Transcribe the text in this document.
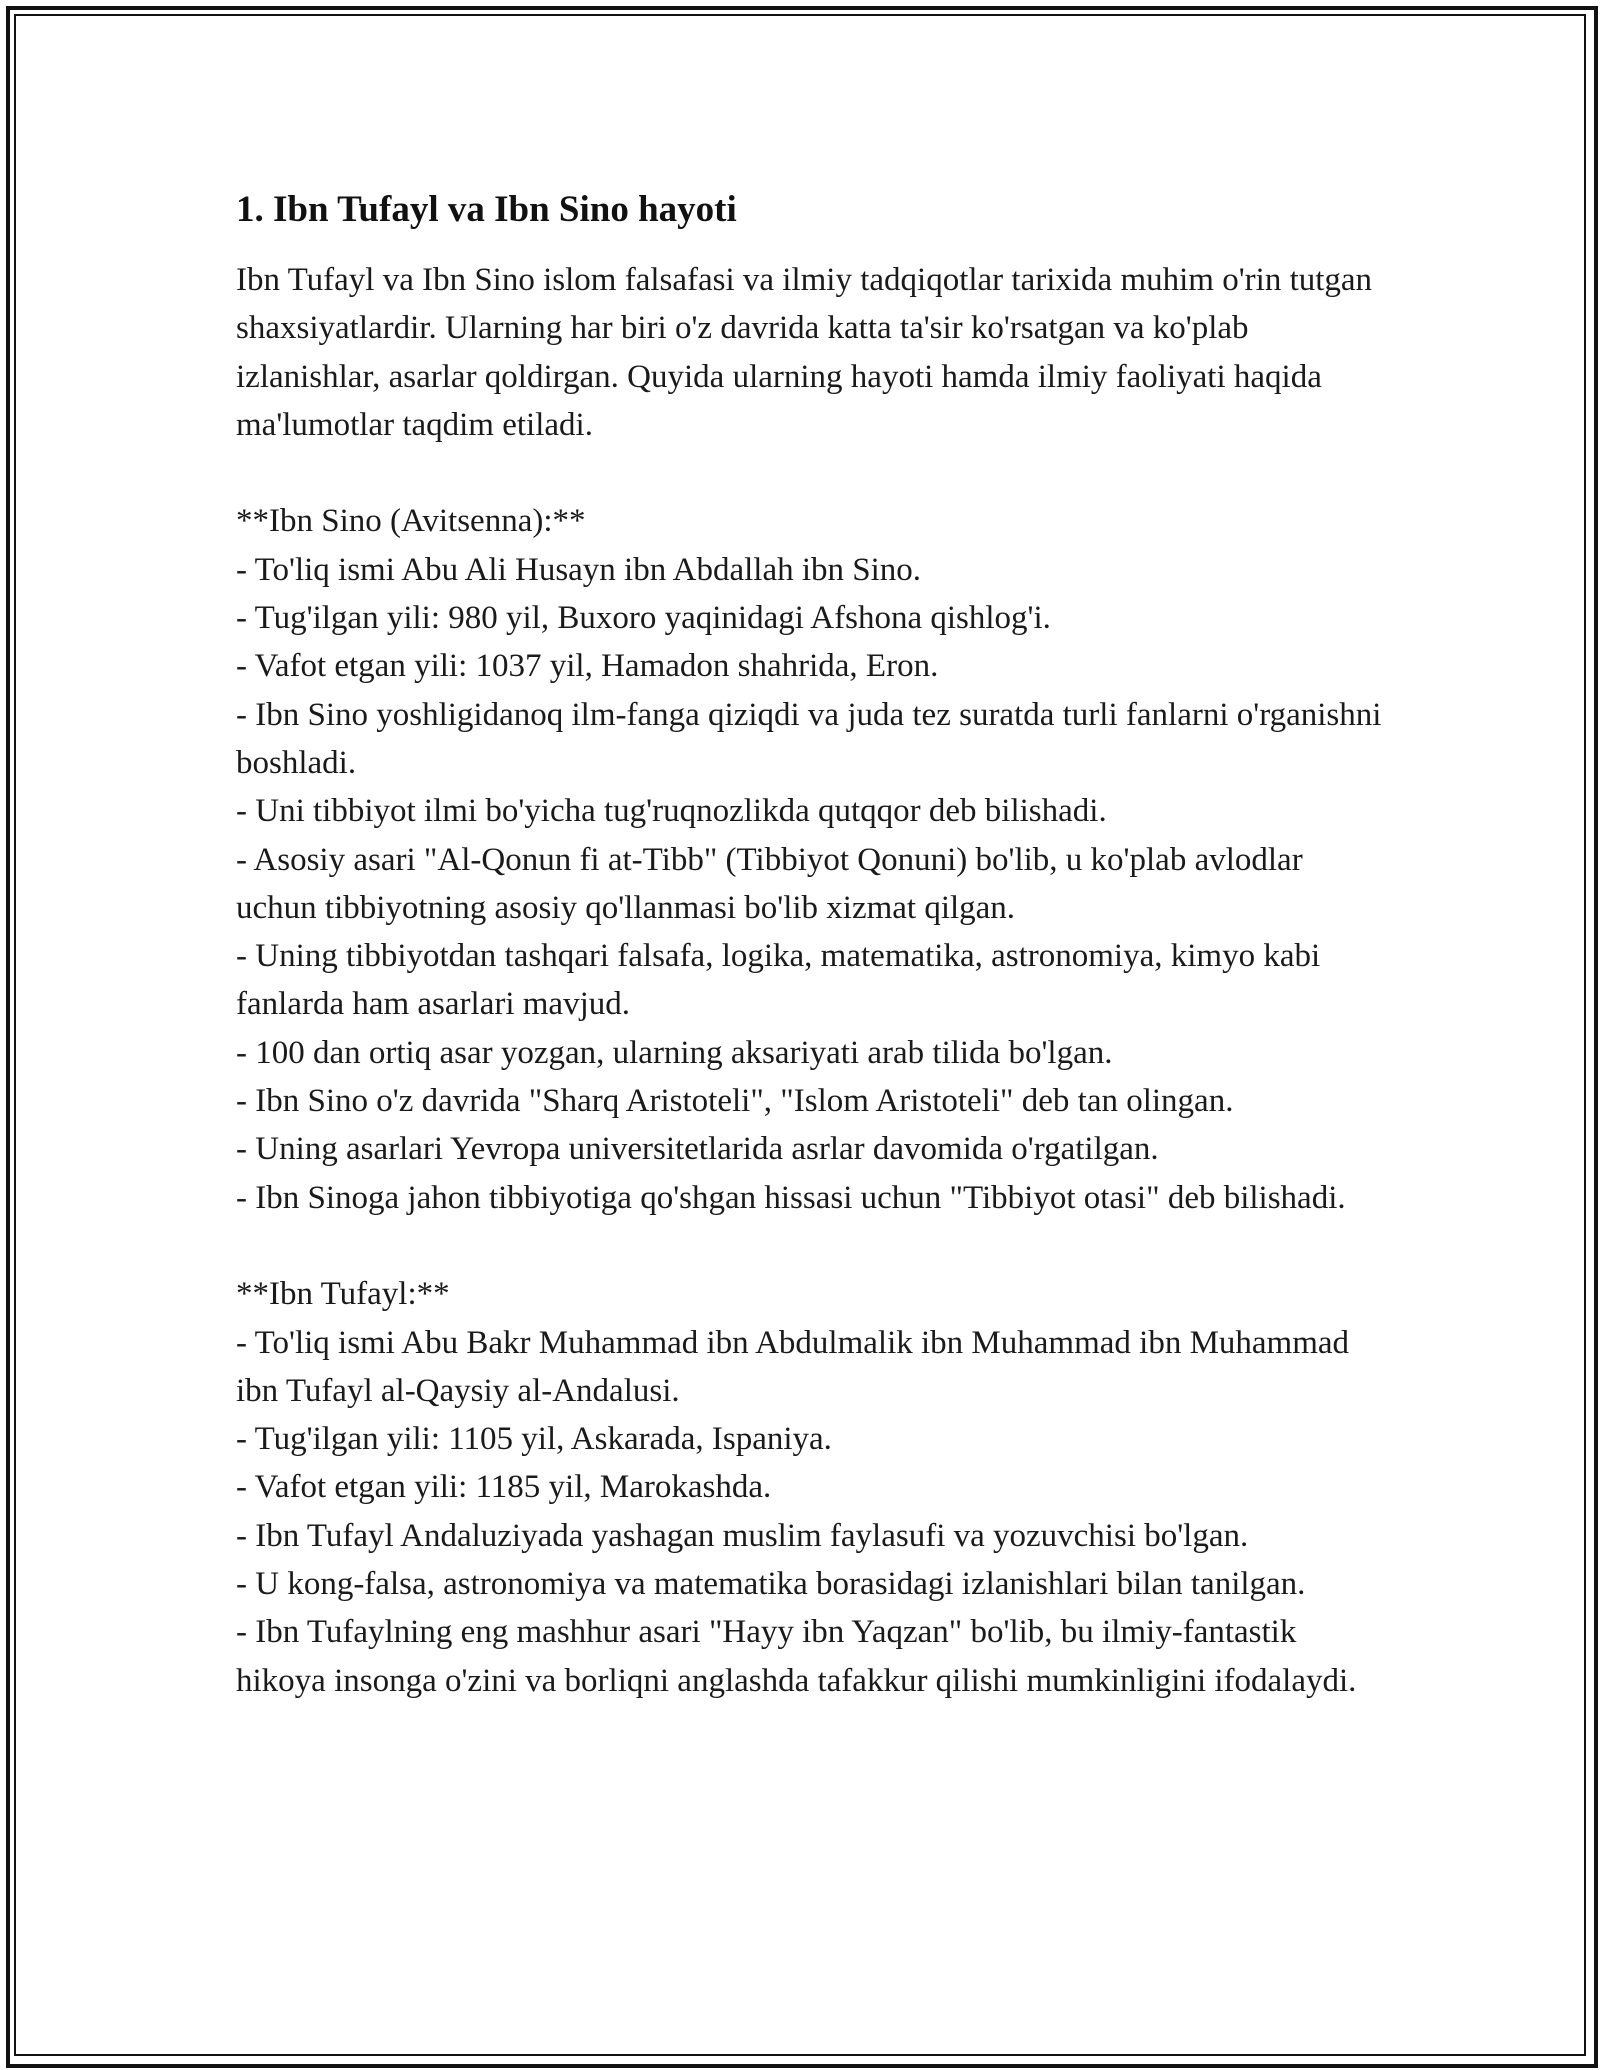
1. Ibn Tufayl va Ibn Sino hayoti

Ibn Tufayl va Ibn Sino islom falsafasi va ilmiy tadqiqotlar tarixida muhim o'rin tutgan shaxsiyatlardir. Ularning har biri o'z davrida katta ta'sir ko'rsatgan va ko'plab izlanishlar, asarlar qoldirgan. Quyida ularning hayoti hamda ilmiy faoliyati haqida ma'lumotlar taqdim etiladi.

**Ibn Sino (Avitsenna):**

- To'liq ismi Abu Ali Husayn ibn Abdallah ibn Sino.
- Tug'ilgan yili: 980 yil, Buxoro yaqinidagi Afshona qishlog'i.
- Vafot etgan yili: 1037 yil, Hamadon shahrida, Eron.
- Ibn Sino yoshligidanoq ilm-fanga qiziqdi va juda tez suratda turli fanlarni o'rganishni boshladi.
- Uni tibbiyot ilmi bo'yicha tug'ruqnozlikda qutqqor deb bilishadi.
- Asosiy asari "Al-Qonun fi at-Tibb" (Tibbiyot Qonuni) bo'lib, u ko'plab avlodlar uchun tibbiyotning asosiy qo'llanmasi bo'lib xizmat qilgan.
- Uning tibbiyotdan tashqari falsafa, logika, matematika, astronomiya, kimyo kabi fanlarda ham asarlari mavjud.
- 100 dan ortiq asar yozgan, ularning aksariyati arab tilida bo'lgan.
- Ibn Sino o'z davrida "Sharq Aristoteli", "Islom Aristoteli" deb tan olingan.
- Uning asarlari Yevropa universitetlarida asrlar davomida o'rgatilgan.
- Ibn Sinoga jahon tibbiyotiga qo'shgan hissasi uchun "Tibbiyot otasi" deb bilishadi.

**Ibn Tufayl:**

- To'liq ismi Abu Bakr Muhammad ibn Abdulmalik ibn Muhammad ibn Muhammad ibn Tufayl al-Qaysiy al-Andalusi.
- Tug'ilgan yili: 1105 yil, Askarada, Ispaniya.
- Vafot etgan yili: 1185 yil, Marokashda.
- Ibn Tufayl Andaluziyada yashagan muslim faylasufi va yozuvchisi bo'lgan.
- U kong-falsa, astronomiya va matematika borasidagi izlanishlari bilan tanilgan.
- Ibn Tufaylning eng mashhur asari "Hayy ibn Yaqzan" bo'lib, bu ilmiy-fantastik hikoya insonga o'zini va borliqni anglashda tafakkur qilishi mumkinligini ifodalaydi.
